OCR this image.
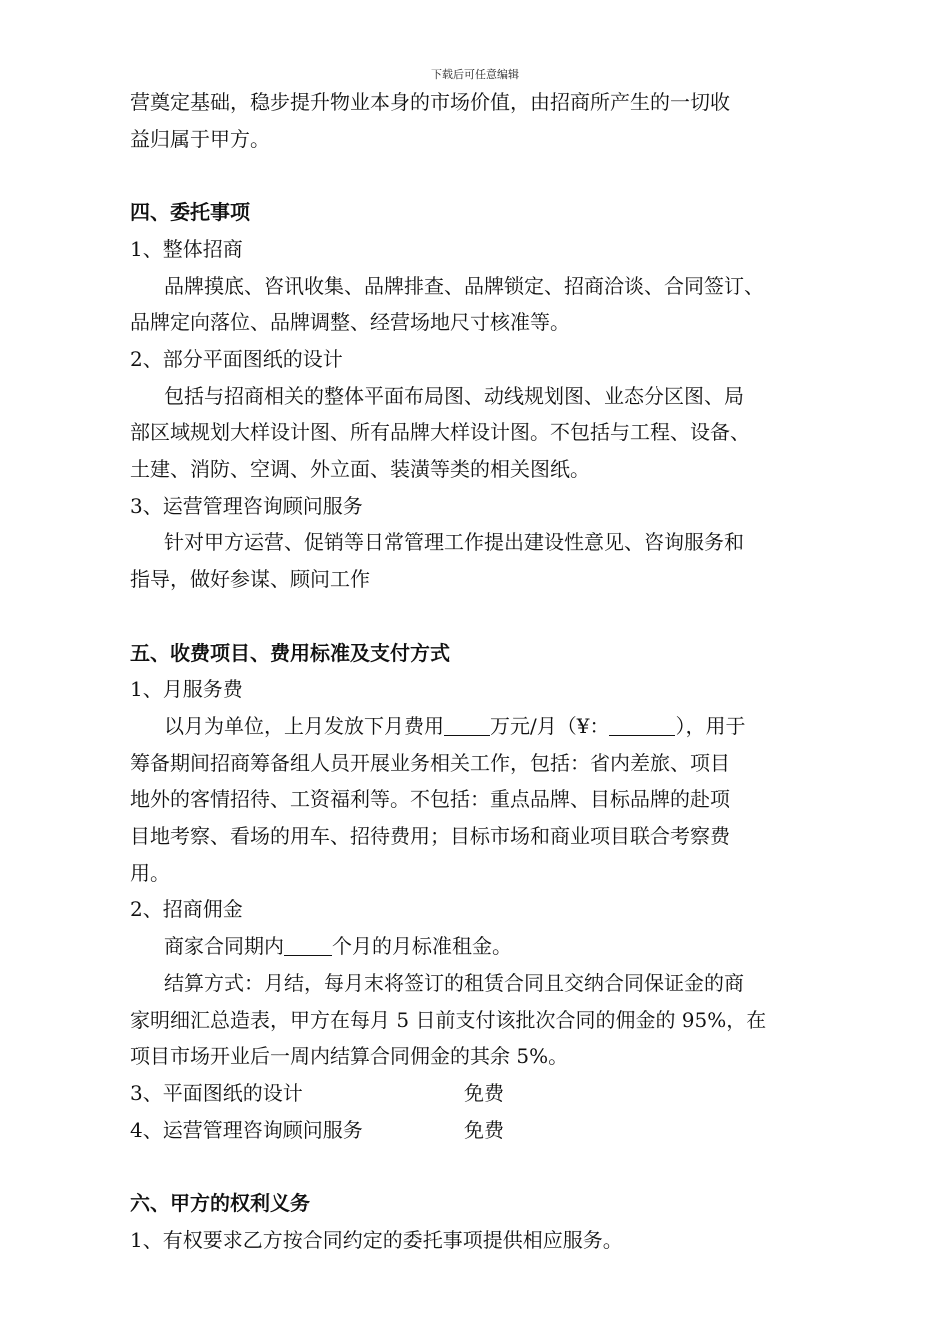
下载后可任意编辑

营奠定基础，稳步提升物业本身的市场价值，由招商所产生的一切收

益归属于甲方。

四、委托事项

1、整体招商

品牌摸底、咨讯收集、品牌排查、品牌锁定、招商洽谈、合同签订、

品牌定向落位、品牌调整、经营场地尺寸核准等。

2、部分平面图纸的设计

包括与招商相关的整体平面布局图、动线规划图、业态分区图、局

部区域规划大样设计图、所有品牌大样设计图。不包括与工程、设备、

土建、消防、空调、外立面、装潢等类的相关图纸。

3、运营管理咨询顾问服务

针对甲方运营、促销等日常管理工作提出建设性意见、咨询服务和

指导，做好参谋、顾问工作

五、收费项目、费用标准及支付方式

1、月服务费

以月为单位，上月发放下月费用 万元/月（¥：	），用于

筹备期间招商筹备组人员开展业务相关工作，包括：省内差旅、项目

地外的客情招待、工资福利等。不包括：重点品牌、目标品牌的赴项

目地考察、看场的用车、招待费用；目标市场和商业项目联合考察费

用。

2、招商佣金

商家合同期内 个月的月标准租金。

结算方式：月结，每月末将签订的租赁合同且交纳合同保证金的商

家明细汇总造表，甲方在每月 5 日前支付该批次合同的佣金的 95%，在

项目市场开业后一周内结算合同佣金的其余 5%。

3、平面图纸的设计	免费
4、运营管理咨询顾问服务	免费

六、甲方的权利义务

1、有权要求乙方按合同约定的委托事项提供相应服务。
